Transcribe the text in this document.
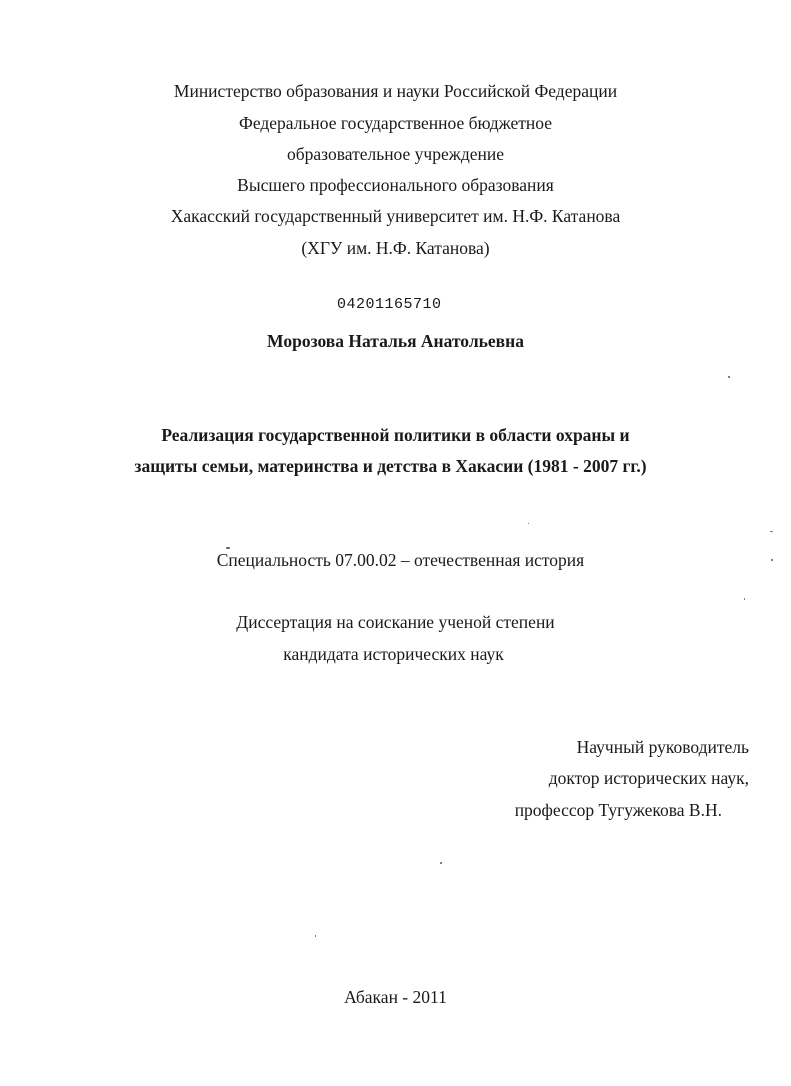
Министерство образования и науки Российской Федерации
Федеральное государственное бюджетное
образовательное учреждение
Высшего профессионального образования
Хакасский государственный университет им. Н.Ф. Катанова
(ХГУ им. Н.Ф. Катанова)
04201165710
Морозова Наталья Анатольевна
Реализация государственной политики в области охраны и
защиты семьи, материнства и детства в Хакасии (1981 - 2007 гг.)
Специальность 07.00.02 – отечественная история
Диссертация на соискание ученой степени
кандидата исторических наук
Научный руководитель
доктор исторических наук,
профессор Тугужекова В.Н.
Абакан - 2011
